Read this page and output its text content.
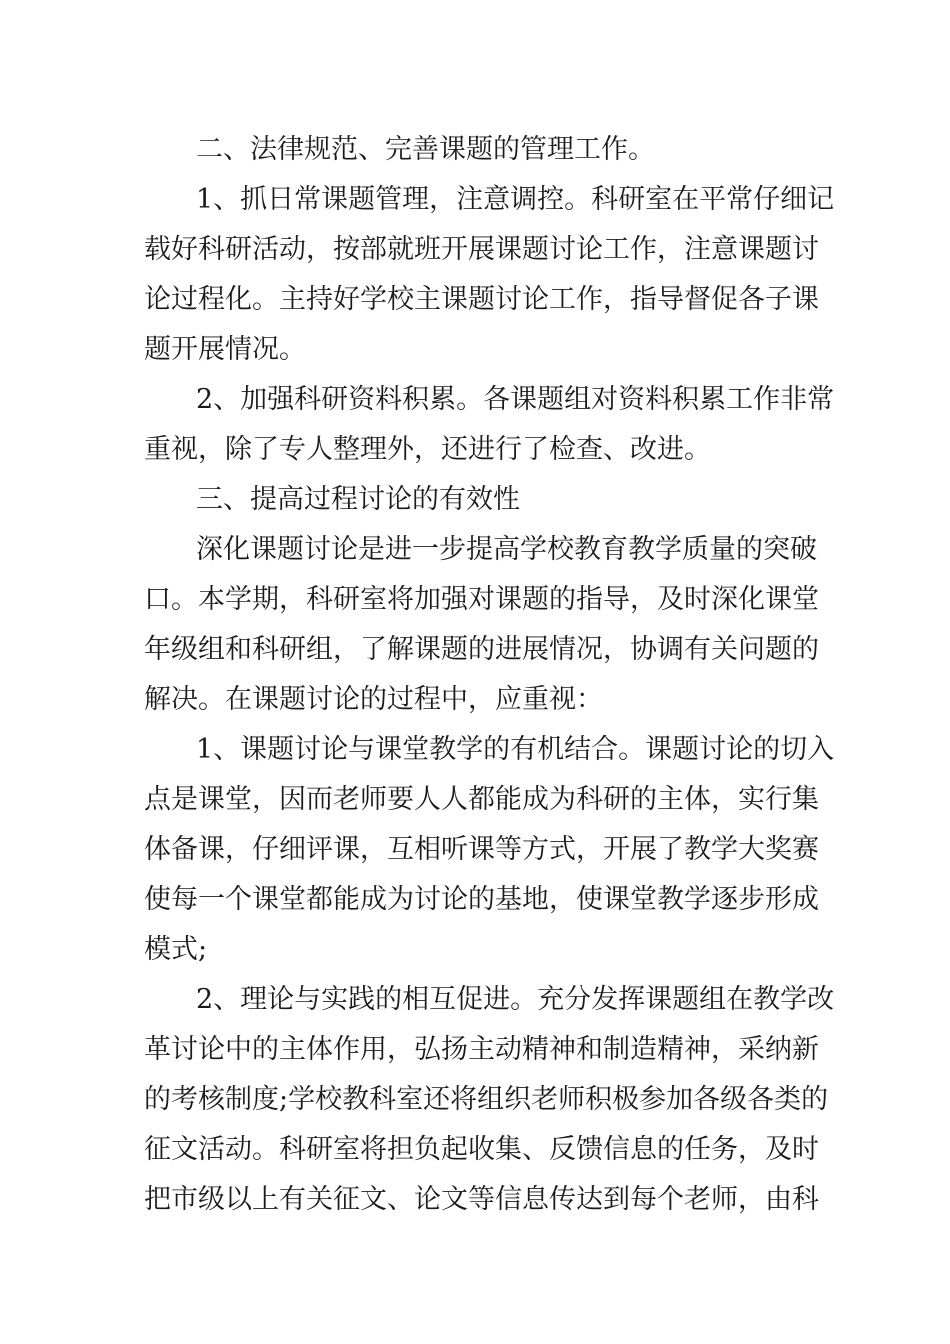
二、法律规范、完善课题的管理工作。

1、抓日常课题管理，注意调控。科研室在平常仔细记

载好科研活动，按部就班开展课题讨论工作，注意课题讨

论过程化。主持好学校主课题讨论工作，指导督促各子课

题开展情况。

2、加强科研资料积累。各课题组对资料积累工作非常

重视，除了专人整理外，还进行了检查、改进。

三、提高过程讨论的有效性

深化课题讨论是进一步提高学校教育教学质量的突破

口。本学期，科研室将加强对课题的指导，及时深化课堂

年级组和科研组，了解课题的进展情况，协调有关问题的

解决。在课题讨论的过程中，应重视：

1、课题讨论与课堂教学的有机结合。课题讨论的切入

点是课堂，因而老师要人人都能成为科研的主体，实行集

体备课，仔细评课，互相听课等方式，开展了教学大奖赛

使每一个课堂都能成为讨论的基地，使课堂教学逐步形成

模式;

2、理论与实践的相互促进。充分发挥课题组在教学改

革讨论中的主体作用，弘扬主动精神和制造精神，采纳新

的考核制度;学校教科室还将组织老师积极参加各级各类的

征文活动。科研室将担负起收集、反馈信息的任务，及时

把市级以上有关征文、论文等信息传达到每个老师，由科
